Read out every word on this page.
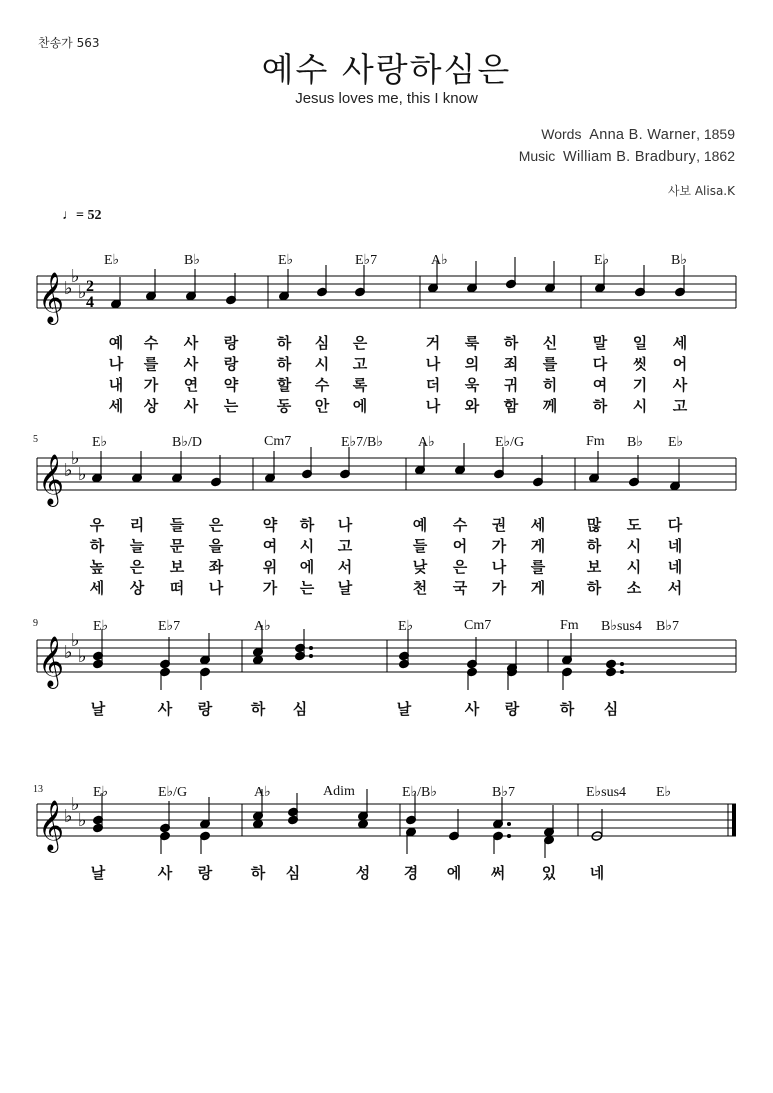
찬송가 563
예수 사랑하심은
Jesus loves me, this I know
Words Anna B. Warner, 1859
Music William B. Bradbury, 1862
사보 Alisa.K
♩= 52
𝄞 ♭
♭
♭ 2
4
E♭	B♭	E♭	E♭7	A♭	E♭	B♭
예 수 사 랑	하 심 은	거 룩 하 신 말 일 세
나 를 사 랑	하 시 고	나 의 죄 를 다 씻 어
내 가 연 약	할 수 록	더 욱 귀 히 여 기 사
세 상 사 는	동 안 에	나 와 함 께 하 시 고
5
𝄞 ♭
♭
♭
E♭	B♭/D	Cm7	E♭7/B♭	A♭	E♭/G	Fm B♭ E♭
우 리 들 은	약 하 나	예 수 권 세	많 도 다
하 늘 문 을	여 시 고	들 어 가 게	하 시 네
높 은 보 좌	위 에 서	낮 은 나 를	보 시 네
세 상 떠 나	가 는 날	천 국 가 게	하 소 서
9
𝄞 ♭
♭
♭
E♭	E♭7	A♭	E♭	Cm7	Fm B♭sus4 B♭7
날	사 랑	하 심	날	사 랑	하 심
13
𝄞 ♭
♭
♭
E♭	E♭/G	A♭	Adim	E♭/B♭	B♭7	E♭sus4 E♭
날	사 랑	하 심	성 경 에 써 있 네
